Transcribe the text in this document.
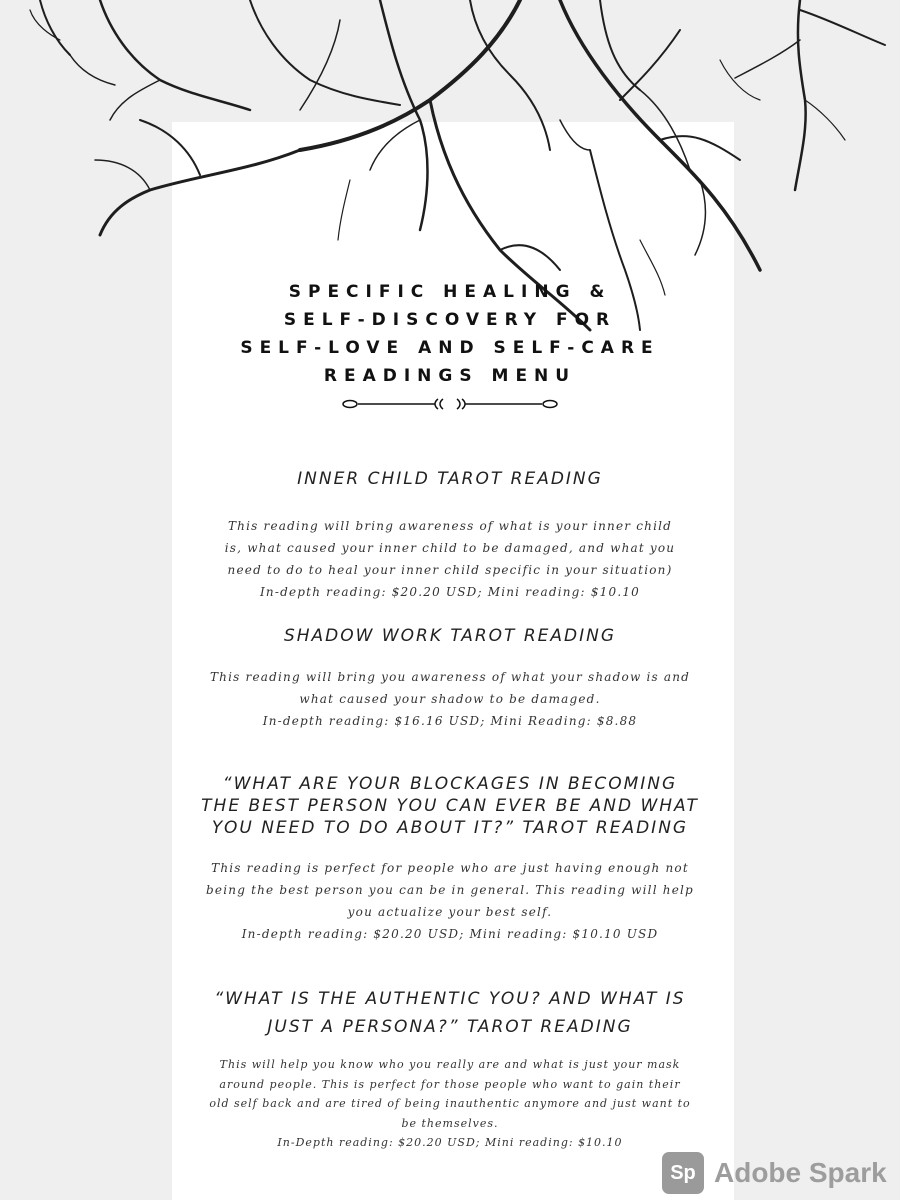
SPECIFIC HEALING &
SELF-DISCOVERY FOR
SELF-LOVE AND SELF-CARE
READINGS MENU
INNER CHILD TAROT READING
This reading will bring awareness of what is your inner child
is, what caused your inner child to be damaged, and what you
need to do to heal your inner child specific in your situation)
In-depth reading: $20.20 USD; Mini reading: $10.10
SHADOW WORK TAROT READING
This reading will bring you awareness of what your shadow is and
what caused your shadow to be damaged.
In-depth reading: $16.16 USD; Mini Reading: $8.88
“WHAT ARE YOUR BLOCKAGES IN BECOMING
THE BEST PERSON YOU CAN EVER BE AND WHAT
YOU NEED TO DO ABOUT IT?” TAROT READING
This reading is perfect for people who are just having enough not
being the best person you can be in general. This reading will help
you actualize your best self.
In-depth reading: $20.20 USD; Mini reading: $10.10 USD
“WHAT IS THE AUTHENTIC YOU? AND WHAT IS
JUST A PERSONA?” TAROT READING
This will help you know who you really are and what is just your mask
around people. This is perfect for those people who want to gain their
old self back and are tired of being inauthentic anymore and just want to
be themselves.
In-Depth reading: $20.20 USD; Mini reading: $10.10
Sp Adobe Spark
